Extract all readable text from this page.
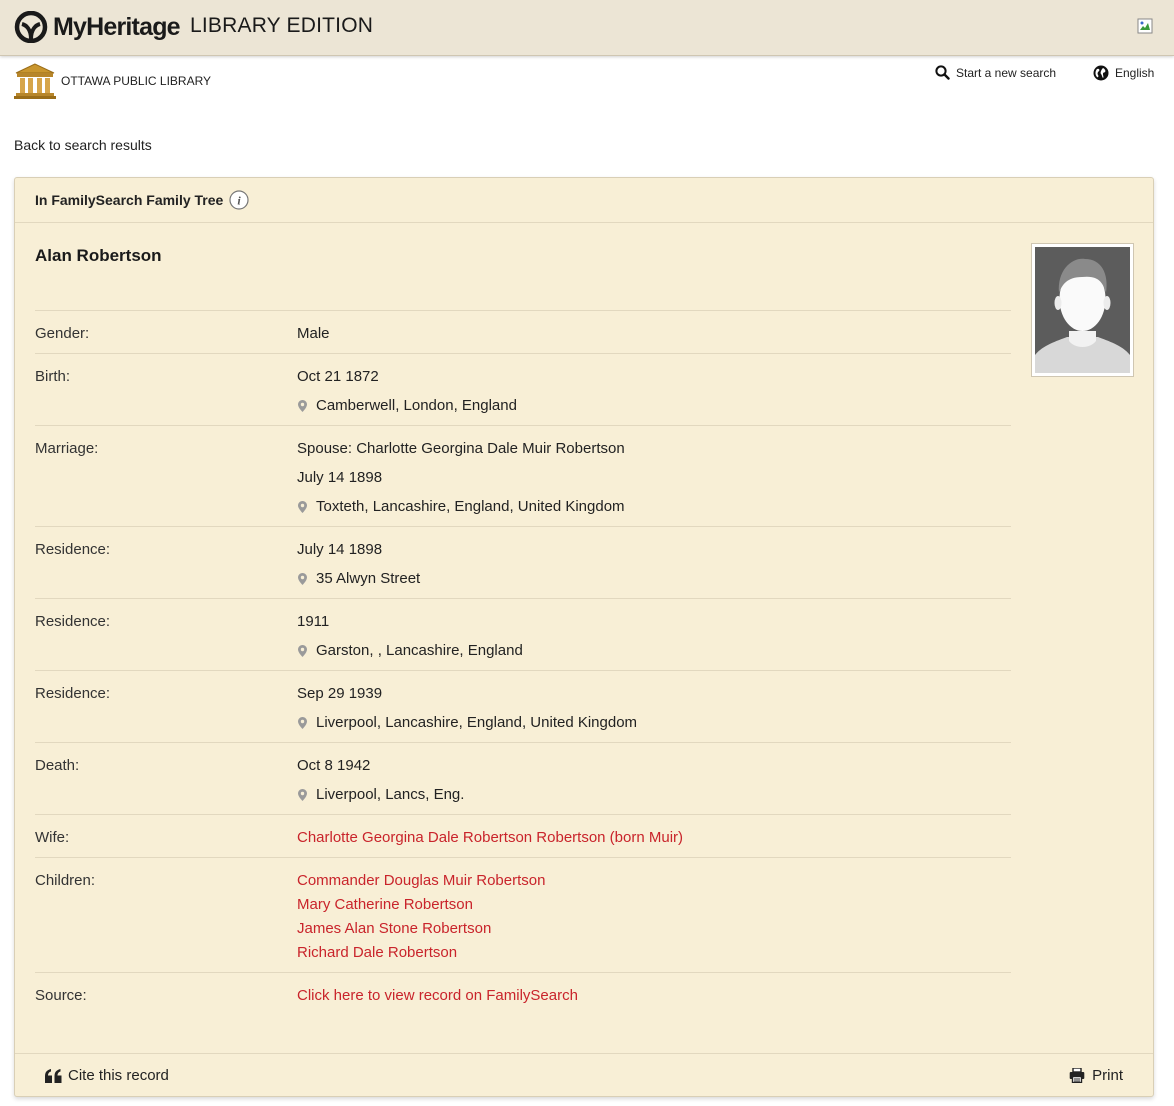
MyHeritage LIBRARY EDITION
OTTAWA PUBLIC LIBRARY
Start a new search	English
Back to search results
In FamilySearch Family Tree i
Alan Robertson
Gender:	Male
Birth:	Oct 21 1872
Camberwell, London, England
Marriage:	Spouse: Charlotte Georgina Dale Muir Robertson
July 14 1898
Toxteth, Lancashire, England, United Kingdom
Residence:	July 14 1898
35 Alwyn Street
Residence:	1911
Garston, , Lancashire, England
Residence:	Sep 29 1939
Liverpool, Lancashire, England, United Kingdom
Death:	Oct 8 1942
Liverpool, Lancs, Eng.
Wife:	Charlotte Georgina Dale Robertson Robertson (born Muir)
Children:	Commander Douglas Muir Robertson
Mary Catherine Robertson
James Alan Stone Robertson
Richard Dale Robertson
Source:	Click here to view record on FamilySearch
Cite this record	Print
